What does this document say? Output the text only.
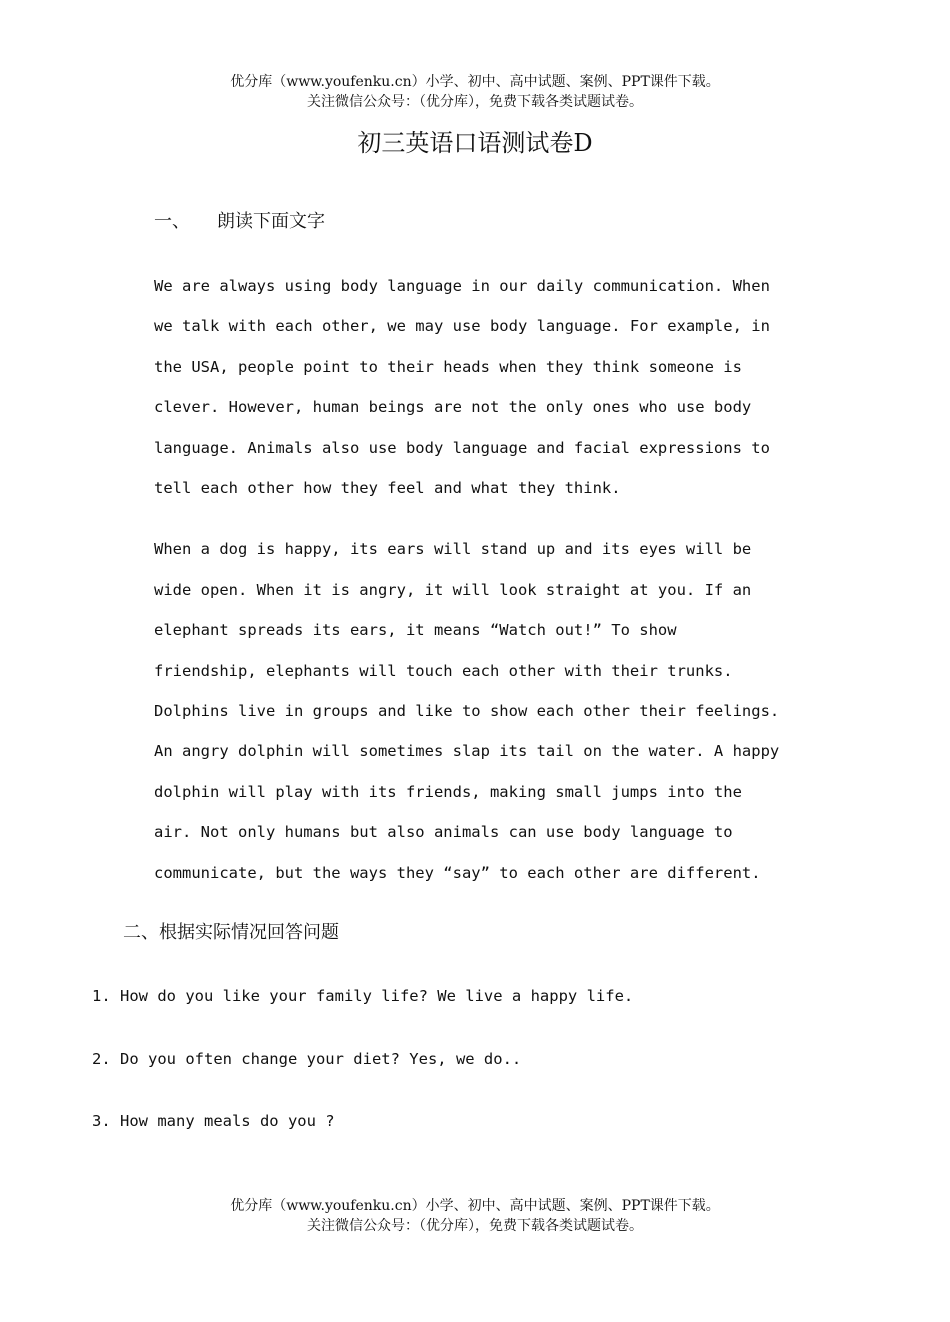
优分库（www.youfenku.cn）小学、初中、高中试题、案例、PPT课件下载。
关注微信公众号：（优分库），免费下载各类试题试卷。
初三英语口语测试卷D
一、 朗读下面文字
We are always using body language in our daily communication. When
we talk with each other, we may use body language. For example, in
the USA, people point to their heads when they think someone is
clever. However, human beings are not the only ones who use body
language. Animals also use body language and facial expressions to
tell each other how they feel and what they think.
When a dog is happy, its ears will stand up and its eyes will be
wide open. When it is angry, it will look straight at you. If an
elephant spreads its ears, it means “Watch out!” To show
friendship, elephants will touch each other with their trunks.
Dolphins live in groups and like to show each other their feelings.
An angry dolphin will sometimes slap its tail on the water. A happy
dolphin will play with its friends, making small jumps into the
air. Not only humans but also animals can use body language to
communicate, but the ways they “say” to each other are different.
二、根据实际情况回答问题
1. How do you like your family life? We live a happy life.
2. Do you often change your diet? Yes, we do..
3. How many meals do you ?
优分库（www.youfenku.cn）小学、初中、高中试题、案例、PPT课件下载。
关注微信公众号：（优分库），免费下载各类试题试卷。
